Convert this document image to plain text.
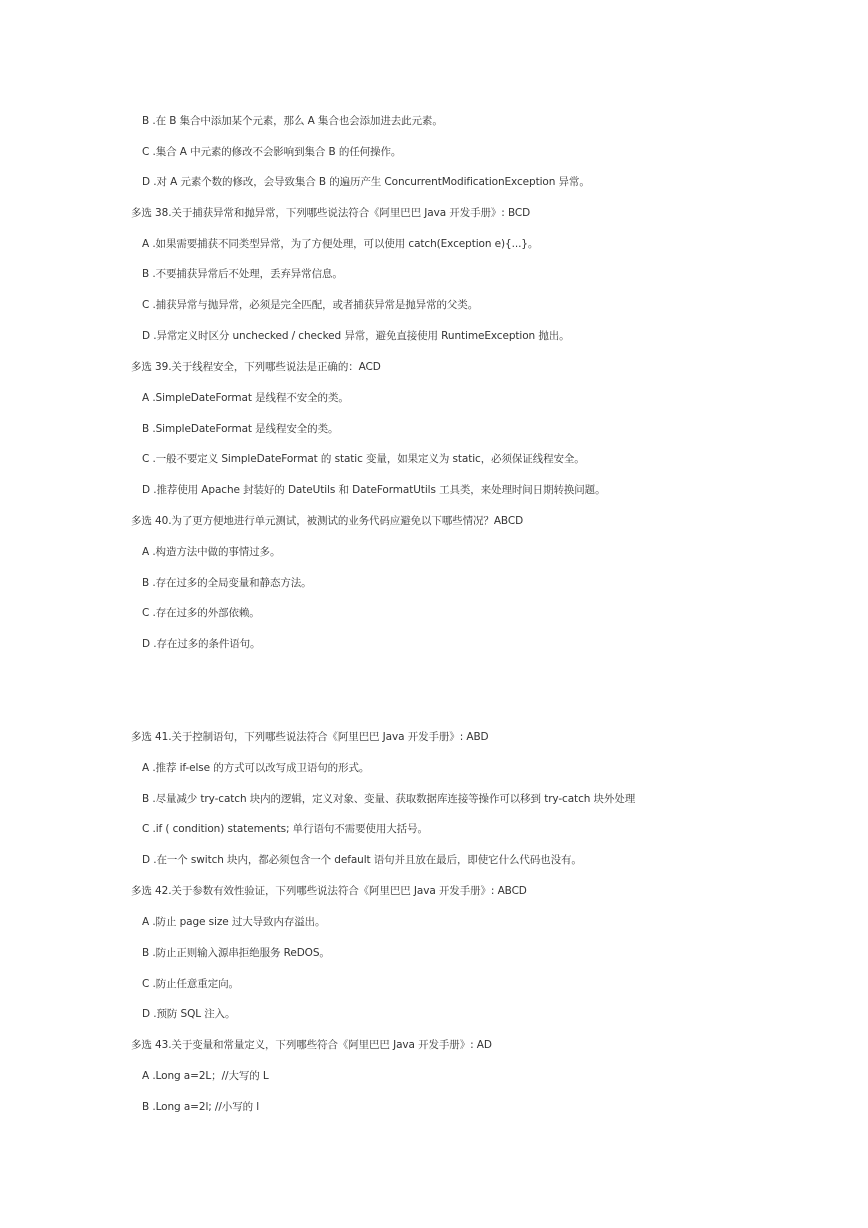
B .在 B 集合中添加某个元素，那么 A 集合也会添加进去此元素。
C .集合 A 中元素的修改不会影响到集合 B 的任何操作。
D .对 A 元素个数的修改，会导致集合 B 的遍历产生 ConcurrentModificationException 异常。
多选 38.关于捕获异常和抛异常，下列哪些说法符合《阿里巴巴 Java 开发手册》: BCD
A .如果需要捕获不同类型异常，为了方便处理，可以使用 catch(Exception e){...}。
B .不要捕获异常后不处理，丢弃异常信息。
C .捕获异常与抛异常，必须是完全匹配，或者捕获异常是抛异常的父类。
D .异常定义时区分 unchecked / checked 异常，避免直接使用 RuntimeException 抛出。
多选 39.关于线程安全，下列哪些说法是正确的：ACD
A .SimpleDateFormat 是线程不安全的类。
B .SimpleDateFormat 是线程安全的类。
C .一般不要定义 SimpleDateFormat 的 static 变量，如果定义为 static，必须保证线程安全。
D .推荐使用 Apache 封装好的 DateUtils 和 DateFormatUtils 工具类，来处理时间日期转换问题。
多选 40.为了更方便地进行单元测试，被测试的业务代码应避免以下哪些情况？ABCD
A .构造方法中做的事情过多。
B .存在过多的全局变量和静态方法。
C .存在过多的外部依赖。
D .存在过多的条件语句。
多选 41.关于控制语句，下列哪些说法符合《阿里巴巴 Java 开发手册》: ABD
A .推荐 if-else 的方式可以改写成卫语句的形式。
B .尽量减少 try-catch 块内的逻辑，定义对象、变量、获取数据库连接等操作可以移到 try-catch 块外处理
C .if ( condition) statements; 单行语句不需要使用大括号。
D .在一个 switch 块内，都必须包含一个 default 语句并且放在最后，即使它什么代码也没有。
多选 42.关于参数有效性验证，下列哪些说法符合《阿里巴巴 Java 开发手册》: ABCD
A .防止 page size 过大导致内存溢出。
B .防止正则输入源串拒绝服务 ReDOS。
C .防止任意重定向。
D .预防 SQL 注入。
多选 43.关于变量和常量定义，下列哪些符合《阿里巴巴 Java 开发手册》: AD
A .Long a=2L；//大写的 L
B .Long a=2l; //小写的 l
